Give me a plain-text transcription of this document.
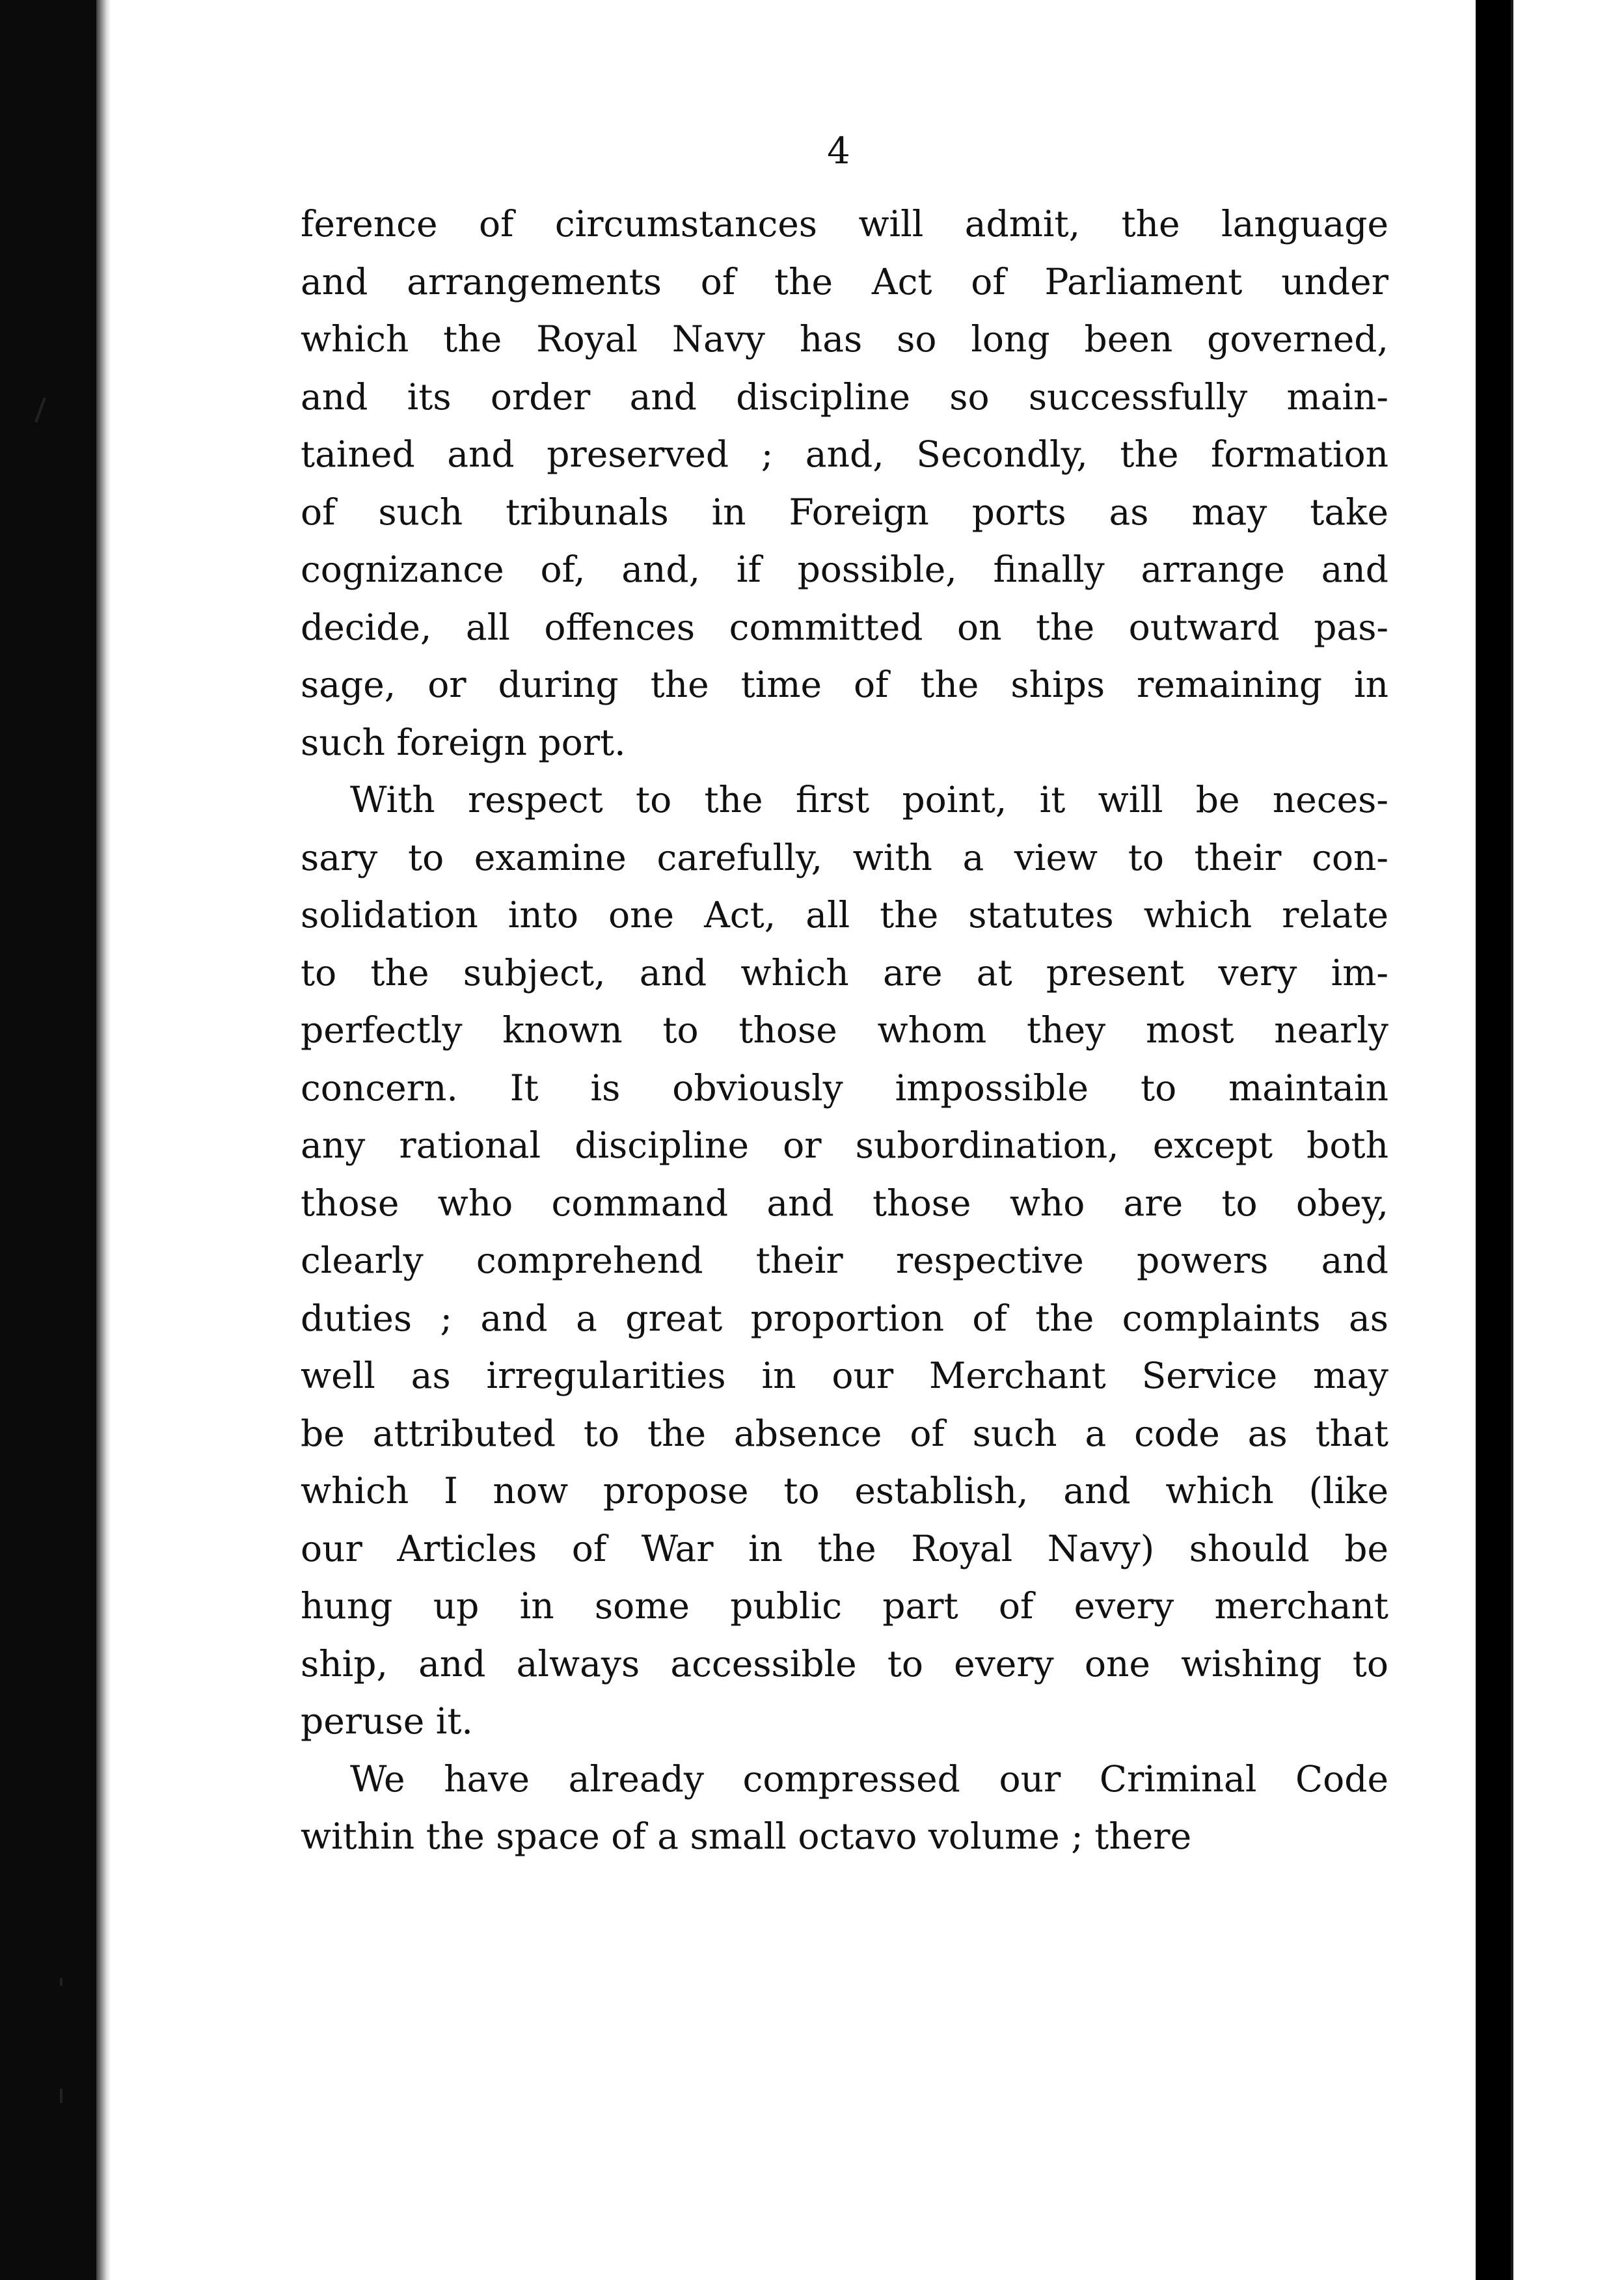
4
ference of circumstances will admit, the language
and arrangements of the Act of Parliament under
which the Royal Navy has so long been governed,
and its order and discipline so successfully main-
tained and preserved ; and, Secondly, the formation
of such tribunals in Foreign ports as may take
cognizance of, and, if possible, finally arrange and
decide, all offences committed on the outward pas-
sage, or during the time of the ships remaining in
such foreign port.
With respect to the first point, it will be neces-
sary to examine carefully, with a view to their con-
solidation into one Act, all the statutes which relate
to the subject, and which are at present very im-
perfectly known to those whom they most nearly
concern. It is obviously impossible to maintain
any rational discipline or subordination, except both
those who command and those who are to obey,
clearly comprehend their respective powers and
duties ; and a great proportion of the complaints as
well as irregularities in our Merchant Service may
be attributed to the absence of such a code as that
which I now propose to establish, and which (like
our Articles of War in the Royal Navy) should be
hung up in some public part of every merchant
ship, and always accessible to every one wishing to
peruse it.
We have already compressed our Criminal Code
within the space of a small octavo volume ; there
